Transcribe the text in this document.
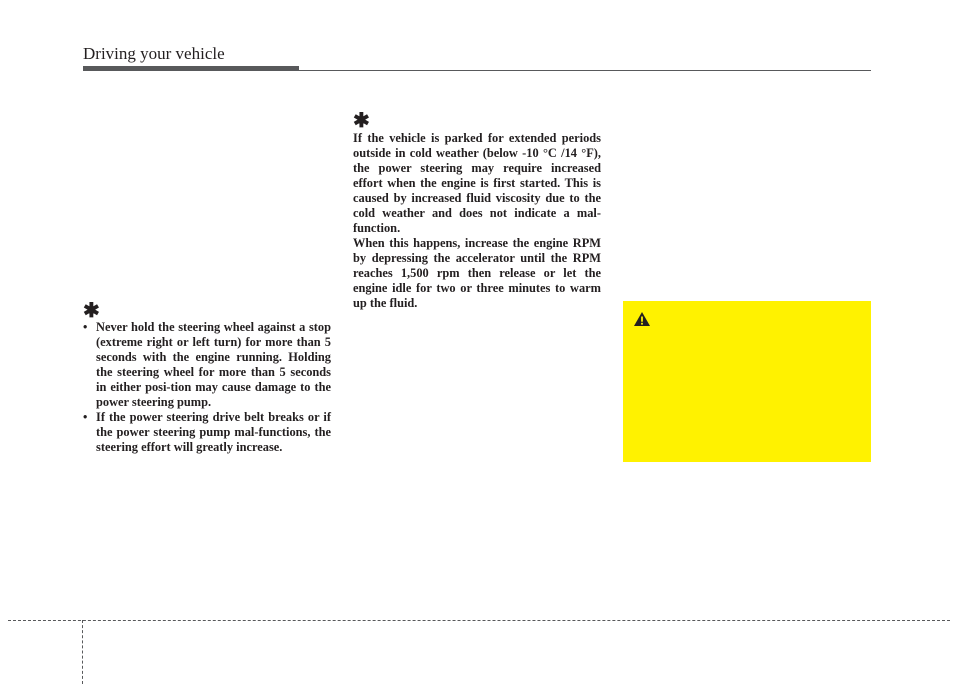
Driving your vehicle
✱
• Never hold the steering wheel against a stop (extreme right or left turn) for more than 5 seconds with the engine running. Holding the steering wheel for more than 5 seconds in either posi-tion may cause damage to the power steering pump.
• If the power steering drive belt breaks or if the power steering pump mal-functions, the steering effort will greatly increase.
✱

If the vehicle is parked for extended periods outside in cold weather (below -10 °C /14 °F), the power steering may require increased effort when the engine is first started. This is caused by increased fluid viscosity due to the cold weather and does not indicate a mal-function.

When this happens, increase the engine RPM by depressing the accelerator until the RPM reaches 1,500 rpm then release or let the engine idle for two or three minutes to warm up the fluid.
